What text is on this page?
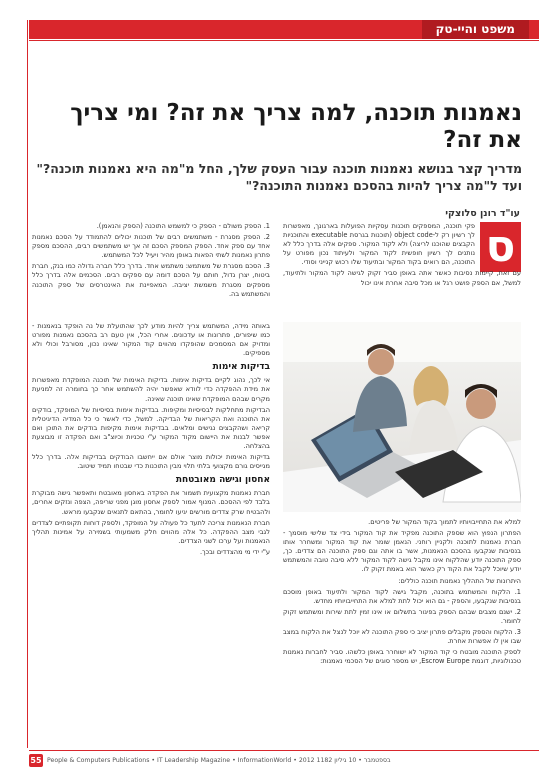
משפט והיי-טק
נאמנות תוכנה, למה צריך את זה? ומי צריך את זה?
מדריך קצר בנושא נאמנות תוכנה עבור העסק שלך, החל מ"מה היא נאמנות תוכנה?" ועד ל"מה צריך להיות בהסכם נאמנות התוכנה?"
עו"ד רונן סלוצקי
ס

פקי תוכנה, המספקים תוכנות עסקיות הפועלות בארגונך, מאפשרות לך רשיון רק ל-object code (תוכנות בגרסת executable והתוכניות הקבצים שהוכנו לריצה) ולא לקוד המקור. ספקים אלה בדרך כלל לא נותנים לך רשיון חופשית לקוד המקור ולעיתוד נכון מפורט על התוכנה, הם רואים בקוד המקור ובתיעוד שלו רכוש קנייני וסודי.

עם זאת, קיימות נסיבות כאשר אתה באופן סביר זקוק לגישה לקוד המקור ולתיעוד, למשל, אם הספק פושט רגל או מכל סיבה אחרת אינו יכול

1. הספק משולם - הספק כי למשמש התוכנה (הספק והנאמן).

2. הספק מסגרת - משתמשים רבים של תוכנות יכולים להתמודד על הסכם נאמנות אחד עם ספק אחד. הספק המספק הסכם זה אך יש משתמשים רבים, ההסכם מספק פתרון נאמנות לשתי הפאות באופן מהיר ויעיל לכל המשתמש.

3. הסכם מסגרת של משתמש: משתמש אחד. בדרך כלל חברה גדולה כמו בנק, חברת ביטוח, יצרן גדול, חותם על הסכם דומה עם ספקים רבים. הסכמים אלה בדרך כלל מספקים מסגרת משמשת יציבה. המאפיינת את האינטרסים של ספק התוכנה והמשתמש בה.

באותה מידה, המשתמש צריך להיות מודע לכך שהתועלת של נה הופקד בנאמנות - כמו שיפורים, פתרונות או עדכונים. אחרי הכל, אין טעם רב בהסכם נאמנות מפורט ומדויק אם המסמכים שהופקדו מהווים קוד המקור שאינו נכון, מסורבל וכולי ולא מספיקים.

בדיקות אימות

אי לכך, נהוג לקיים בדיקות אימות. בדיקות האימות של תוכנה המופקדת מאפשרות את מידת ההפקדה כדי לוודא שאפשר יהיה להשתמש אחר כך בחומרה זה למניעת מקרים שבהם המופקדת שאינו תוכנה שאינה.

הבדיקות מתחלקות לבסיסיות ומקיפות. בבדיקות אימות בסיסיות של המופקד, בודקים את התוכנה ואת הקריאות של הבדיקה. למשל, כדי לאשר כי כל המדיה הדיגיטלית קריאה ושהקבצים נגישים ומלאים. בבדיקות אימות מקיפות בודקים את התוכן ואם אפשר לבנות את היישום מקוד המקור ע"י טכניות וכיוצ"ב ואם הפקדה זו מבוצעת בהצלחה.

בדיקות האימות יכולות מוצר אולם אם ייחשבו הבודקים בבדיקות אלה. בדרך כלל מגייסים גורם מקצועי בלתי תלוי מבין התוכנות כדי שבטחו תמיד שיטוב.

אחסון וגישה מאובטחת

חברת נאמנות מקצועית תשמור את הפקדה באחסון מאובטח ותאפשר גישה מבוקרת בלבד לפי ההסכם. המנוף אמור לספק אחסון מוגן מפני שריפה, הצפה ונזקים אחרים, ולהבטיח שרק צדדים מורשים יגיעו לחומר, בהתאם לתנאים שנקבעו מראש.

חברת הנאמנות צריכה לתעד כל פעולה על המופקד, ולספק דוחות תקופתיים לצדדים לגבי מצב ההפקדה. כל אלה מהווים חלק משמעותי בשמירה על אמינות תהליך הנאמנות ועל ערכו לשני הצדדים.

ע"י ידי מי מהצדדים ובכך.

למלא את התחייבויותיו לתמוך בקוד המקור של פריטים.

הפתרון הנפוץ הוא שספק התוכנה מפקיד את קוד המקור בידי צד שלישי מוסמך - חברת נאמנות לתוכנה ולקניין רוחני. הנאמן שומר את קוד המקור ומשחרר אותו בנסיבות שנקבעו בהסכם הנאמנות, אשר בו אתה וגם ספק התוכנה הם צדדים. כך, ספק התוכנה יודע שהלקוח אינו מקבל גישה לקוד המקור ללא סיבה טובה והמשתמש יודע שיוכל לקבל את הקוד רק כאשר הוא באמת זקוק לו.

היתרונות של התהליך נאמנות תוכנה כוללים:

1. הלקוח והמשתמש בתוכנה, מקבל גישה לקוד המקור ולתיעוד באופן מוסכם בנסיבות שנקבעו, והספק - גם הוא יכול לתת למלא את התחייבויותיו מחדש.

2. ישנם מצבים שבהם הספק בפיגור בתשלום או אינו זמין לתת שירות ומשתמש זקוק לחומר.

3. הלקוח והספק מקבלים פתרון יציב כי ספק התוכנה לא יוכל לנצל את הלקוח במצב שבו אין לו אפשרות אחרת.

לספק התוכנה מובטח כי קוד המקור לא ישוחרר באופן כלשהו. סביר לחברות נאמנות טכנולוגיות, דוגמת Escrow Europe, יש מספר סוגים של הסכמי נאמנות:

55 People & Computers Publications • IT Leadership Magazine • InformationWorld • 2012 בספטמבר • 10 גיליון 1182
